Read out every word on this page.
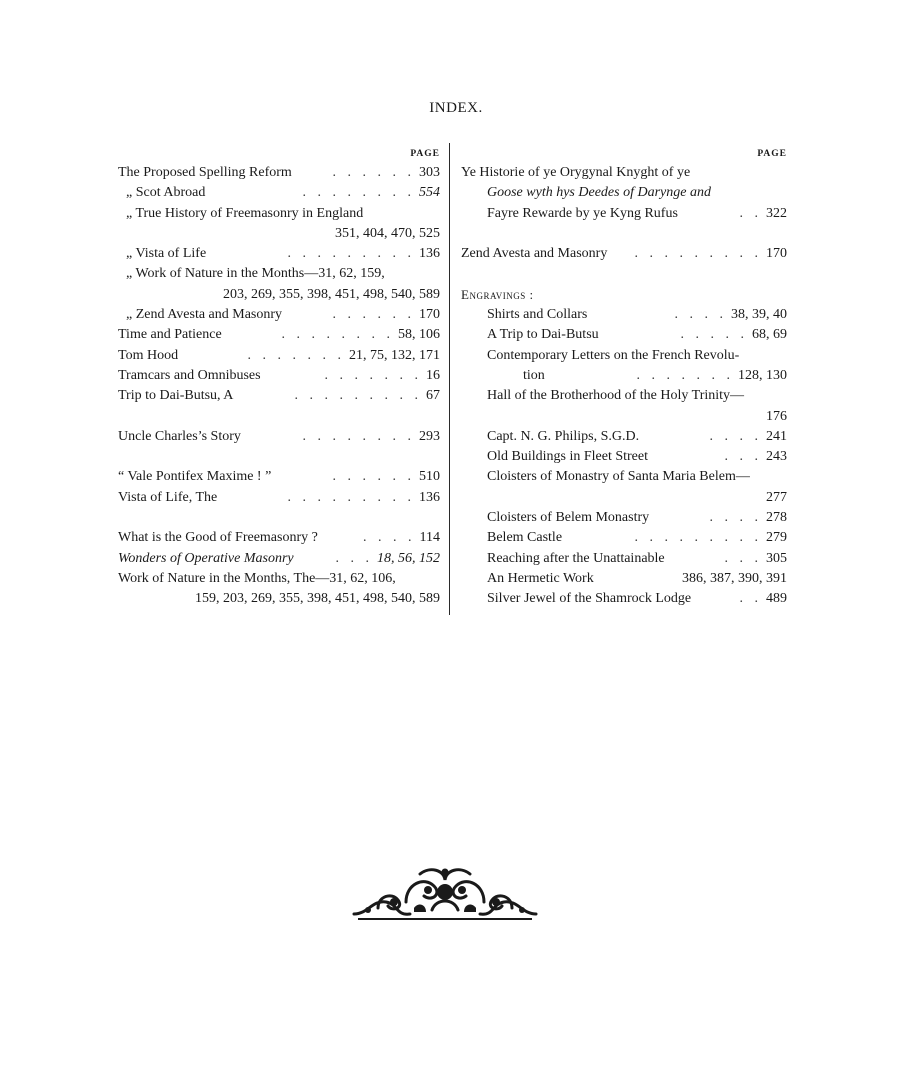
INDEX.
PAGE
The Proposed Spelling Reform	. . . . . . 303
„ Scot Abroad	. . . . . . . . 554
„ True History of Freemasonry in England
351, 404, 470, 525
„ Vista of Life	. . . . . . . . . 136
„ Work of Nature in the Months—31, 62, 159,
203, 269, 355, 398, 451, 498, 540, 589
„ Zend Avesta and Masonry	. . . . . . 170
Time and Patience	. . . . . . . . 58, 106
Tom Hood	. . . . . . . 21, 75, 132, 171
Tramcars and Omnibuses	. . . . . . . 16
Trip to Dai-Butsu, A	. . . . . . . . . 67
Uncle Charles’s Story	. . . . . . . . 293
“ Vale Pontifex Maxime ! ”	. . . . . . 510
Vista of Life, The	. . . . . . . . . 136
What is the Good of Freemasonry ?	. . . . 114
Wonders of Operative Masonry	. . . 18, 56, 152
Work of Nature in the Months, The—31, 62, 106,
159, 203, 269, 355, 398, 451, 498, 540, 589
PAGE
Ye Historie of ye Orygynal Knyght of ye
Goose wyth hys Deedes of Darynge and
Fayre Rewarde by ye Kyng Rufus	. . 322
Zend Avesta and Masonry	. . . . . . . . . 170
Engravings :
Shirts and Collars	. . . . 38, 39, 40
A Trip to Dai-Butsu	. . . . . 68, 69
Contemporary Letters on the French Revolu-
tion	. . . . . . . 128, 130
Hall of the Brotherhood of the Holy Trinity—
176
Capt. N. G. Philips, S.G.D.	. . . . 241
Old Buildings in Fleet Street	. . . 243
Cloisters of Monastry of Santa Maria Belem—
277
Cloisters of Belem Monastry	. . . . 278
Belem Castle	. . . . . . . . . 279
Reaching after the Unattainable	. . . 305
An Hermetic Work	386, 387, 390, 391
Silver Jewel of the Shamrock Lodge	. . 489
